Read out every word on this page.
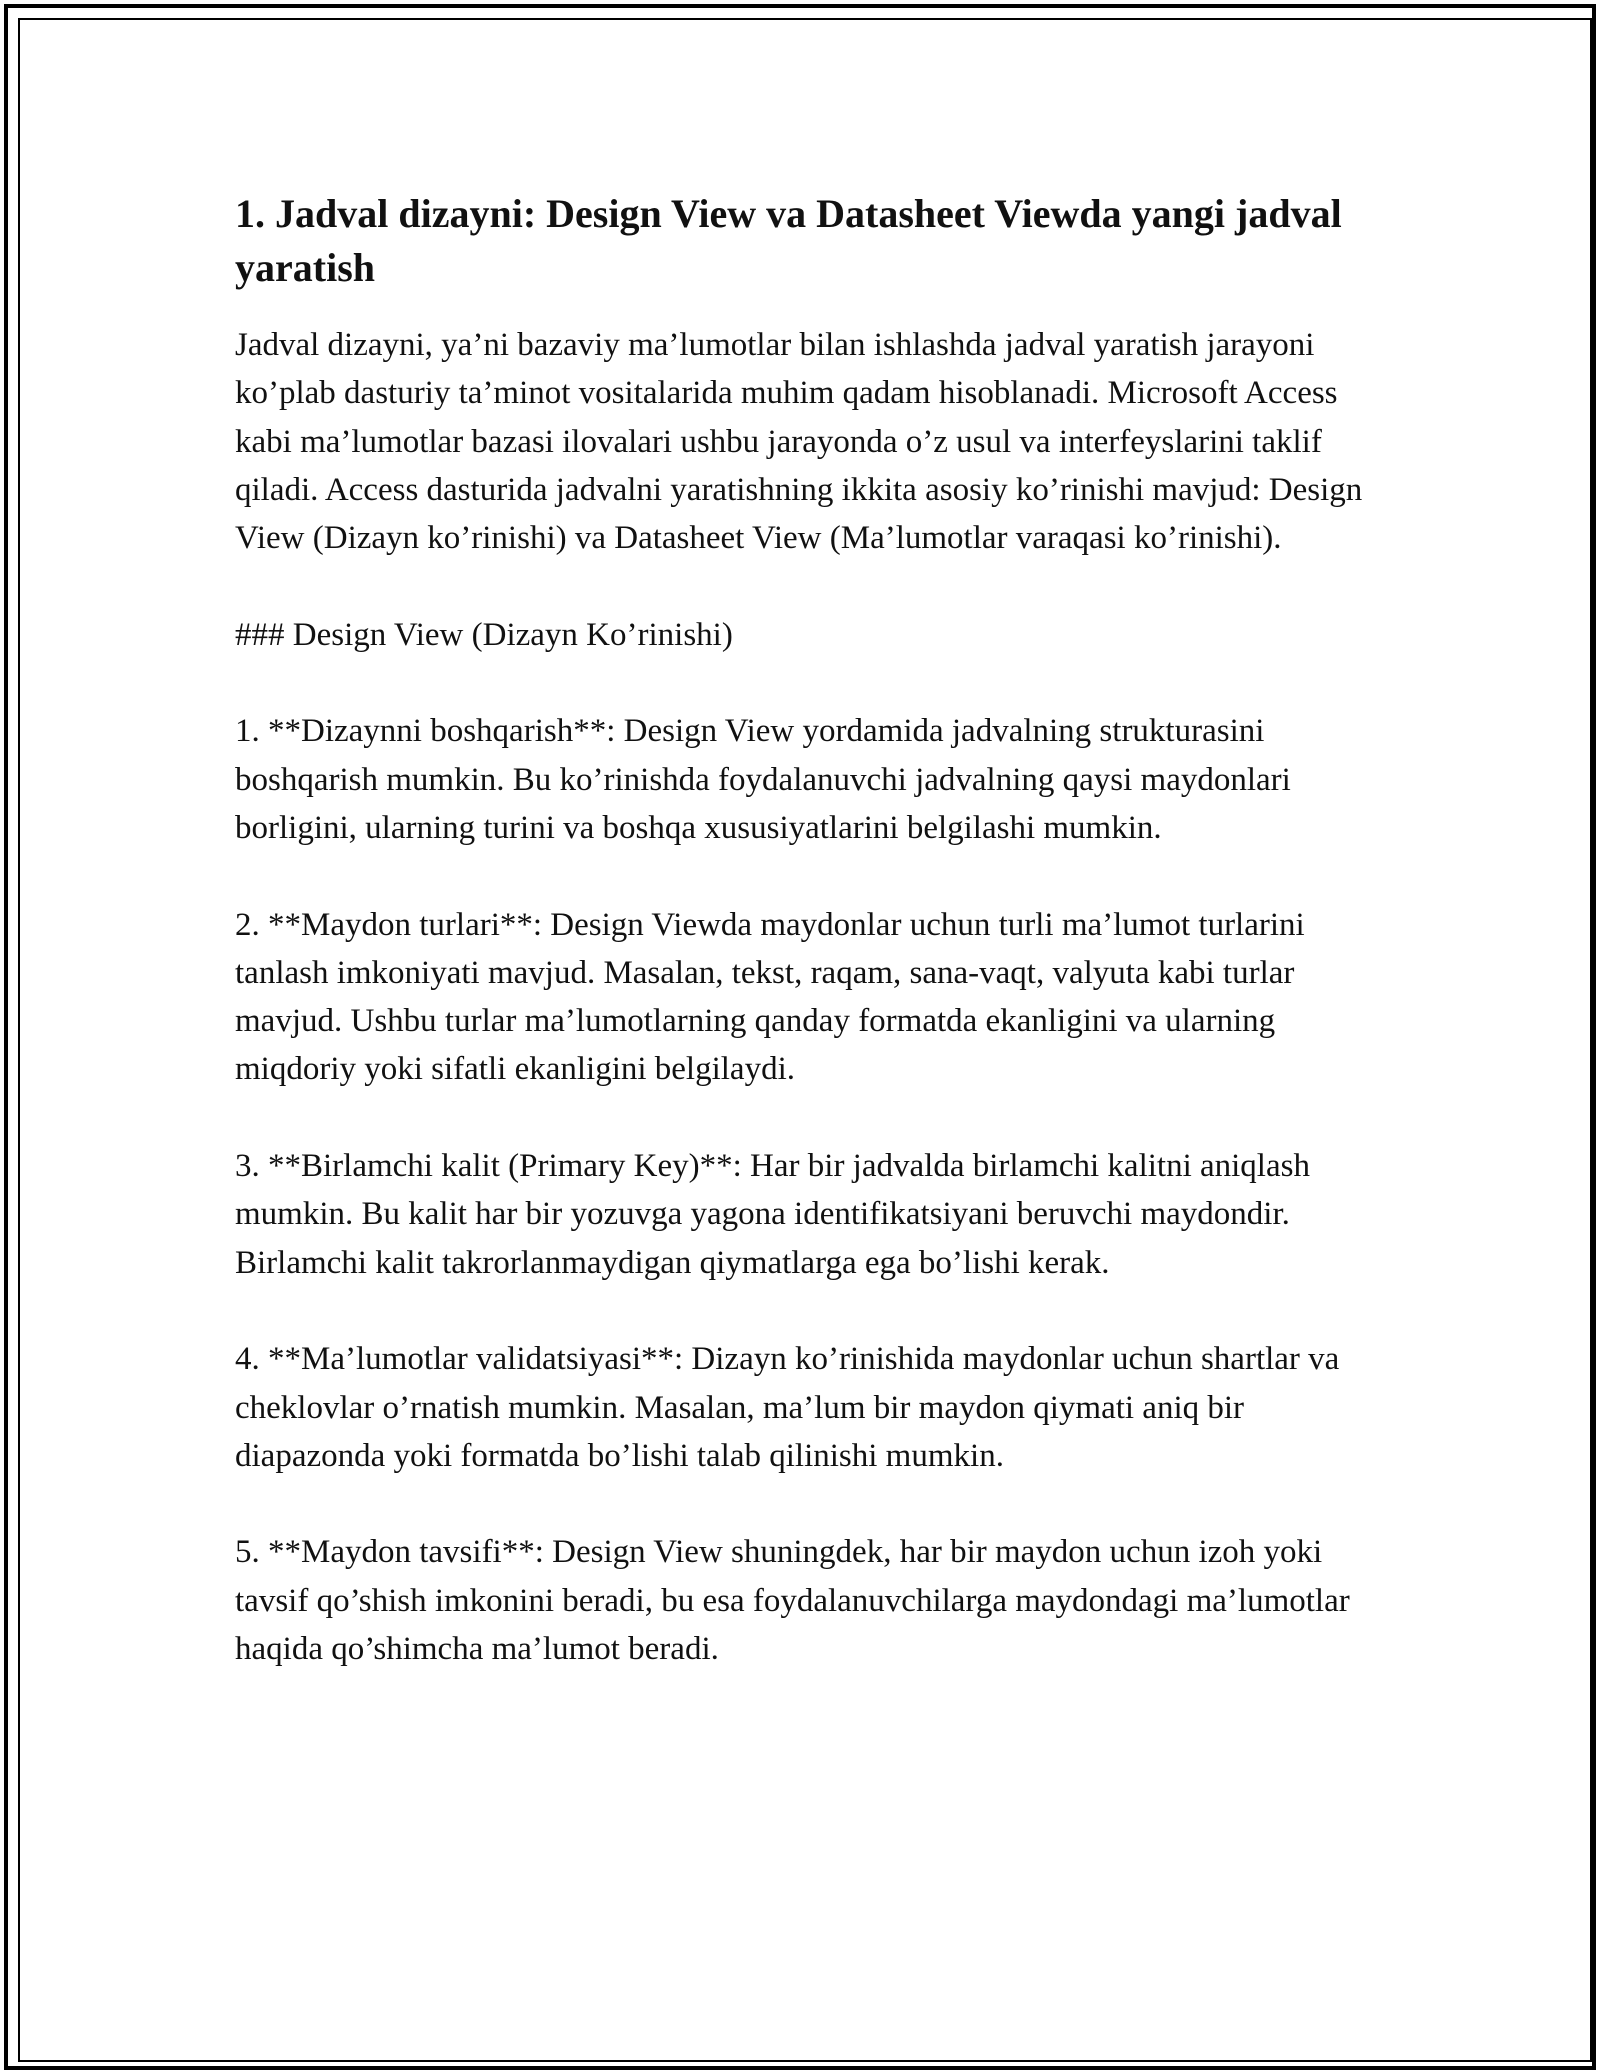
1. Jadval dizayni: Design View va Datasheet Viewda yangi jadval yaratish

Jadval dizayni, ya’ni bazaviy ma’lumotlar bilan ishlashda jadval yaratish jarayoni ko’plab dasturiy ta’minot vositalarida muhim qadam hisoblanadi. Microsoft Access kabi ma’lumotlar bazasi ilovalari ushbu jarayonda o’z usul va interfeyslarini taklif qiladi. Access dasturida jadvalni yaratishning ikkita asosiy ko’rinishi mavjud: Design View (Dizayn ko’rinishi) va Datasheet View (Ma’lumotlar varaqasi ko’rinishi).

### Design View (Dizayn Ko’rinishi)

1. **Dizaynni boshqarish**: Design View yordamida jadvalning strukturasini boshqarish mumkin. Bu ko’rinishda foydalanuvchi jadvalning qaysi maydonlari borligini, ularning turini va boshqa xususiyatlarini belgilashi mumkin.

2. **Maydon turlari**: Design Viewda maydonlar uchun turli ma’lumot turlarini tanlash imkoniyati mavjud. Masalan, tekst, raqam, sana-vaqt, valyuta kabi turlar mavjud. Ushbu turlar ma’lumotlarning qanday formatda ekanligini va ularning miqdoriy yoki sifatli ekanligini belgilaydi.

3. **Birlamchi kalit (Primary Key)**: Har bir jadvalda birlamchi kalitni aniqlash mumkin. Bu kalit har bir yozuvga yagona identifikatsiyani beruvchi maydondir. Birlamchi kalit takrorlanmaydigan qiymatlarga ega bo’lishi kerak.

4. **Ma’lumotlar validatsiyasi**: Dizayn ko’rinishida maydonlar uchun shartlar va cheklovlar o’rnatish mumkin. Masalan, ma’lum bir maydon qiymati aniq bir diapazonda yoki formatda bo’lishi talab qilinishi mumkin.

5. **Maydon tavsifi**: Design View shuningdek, har bir maydon uchun izoh yoki tavsif qo’shish imkonini beradi, bu esa foydalanuvchilarga maydondagi ma’lumotlar haqida qo’shimcha ma’lumot beradi.
